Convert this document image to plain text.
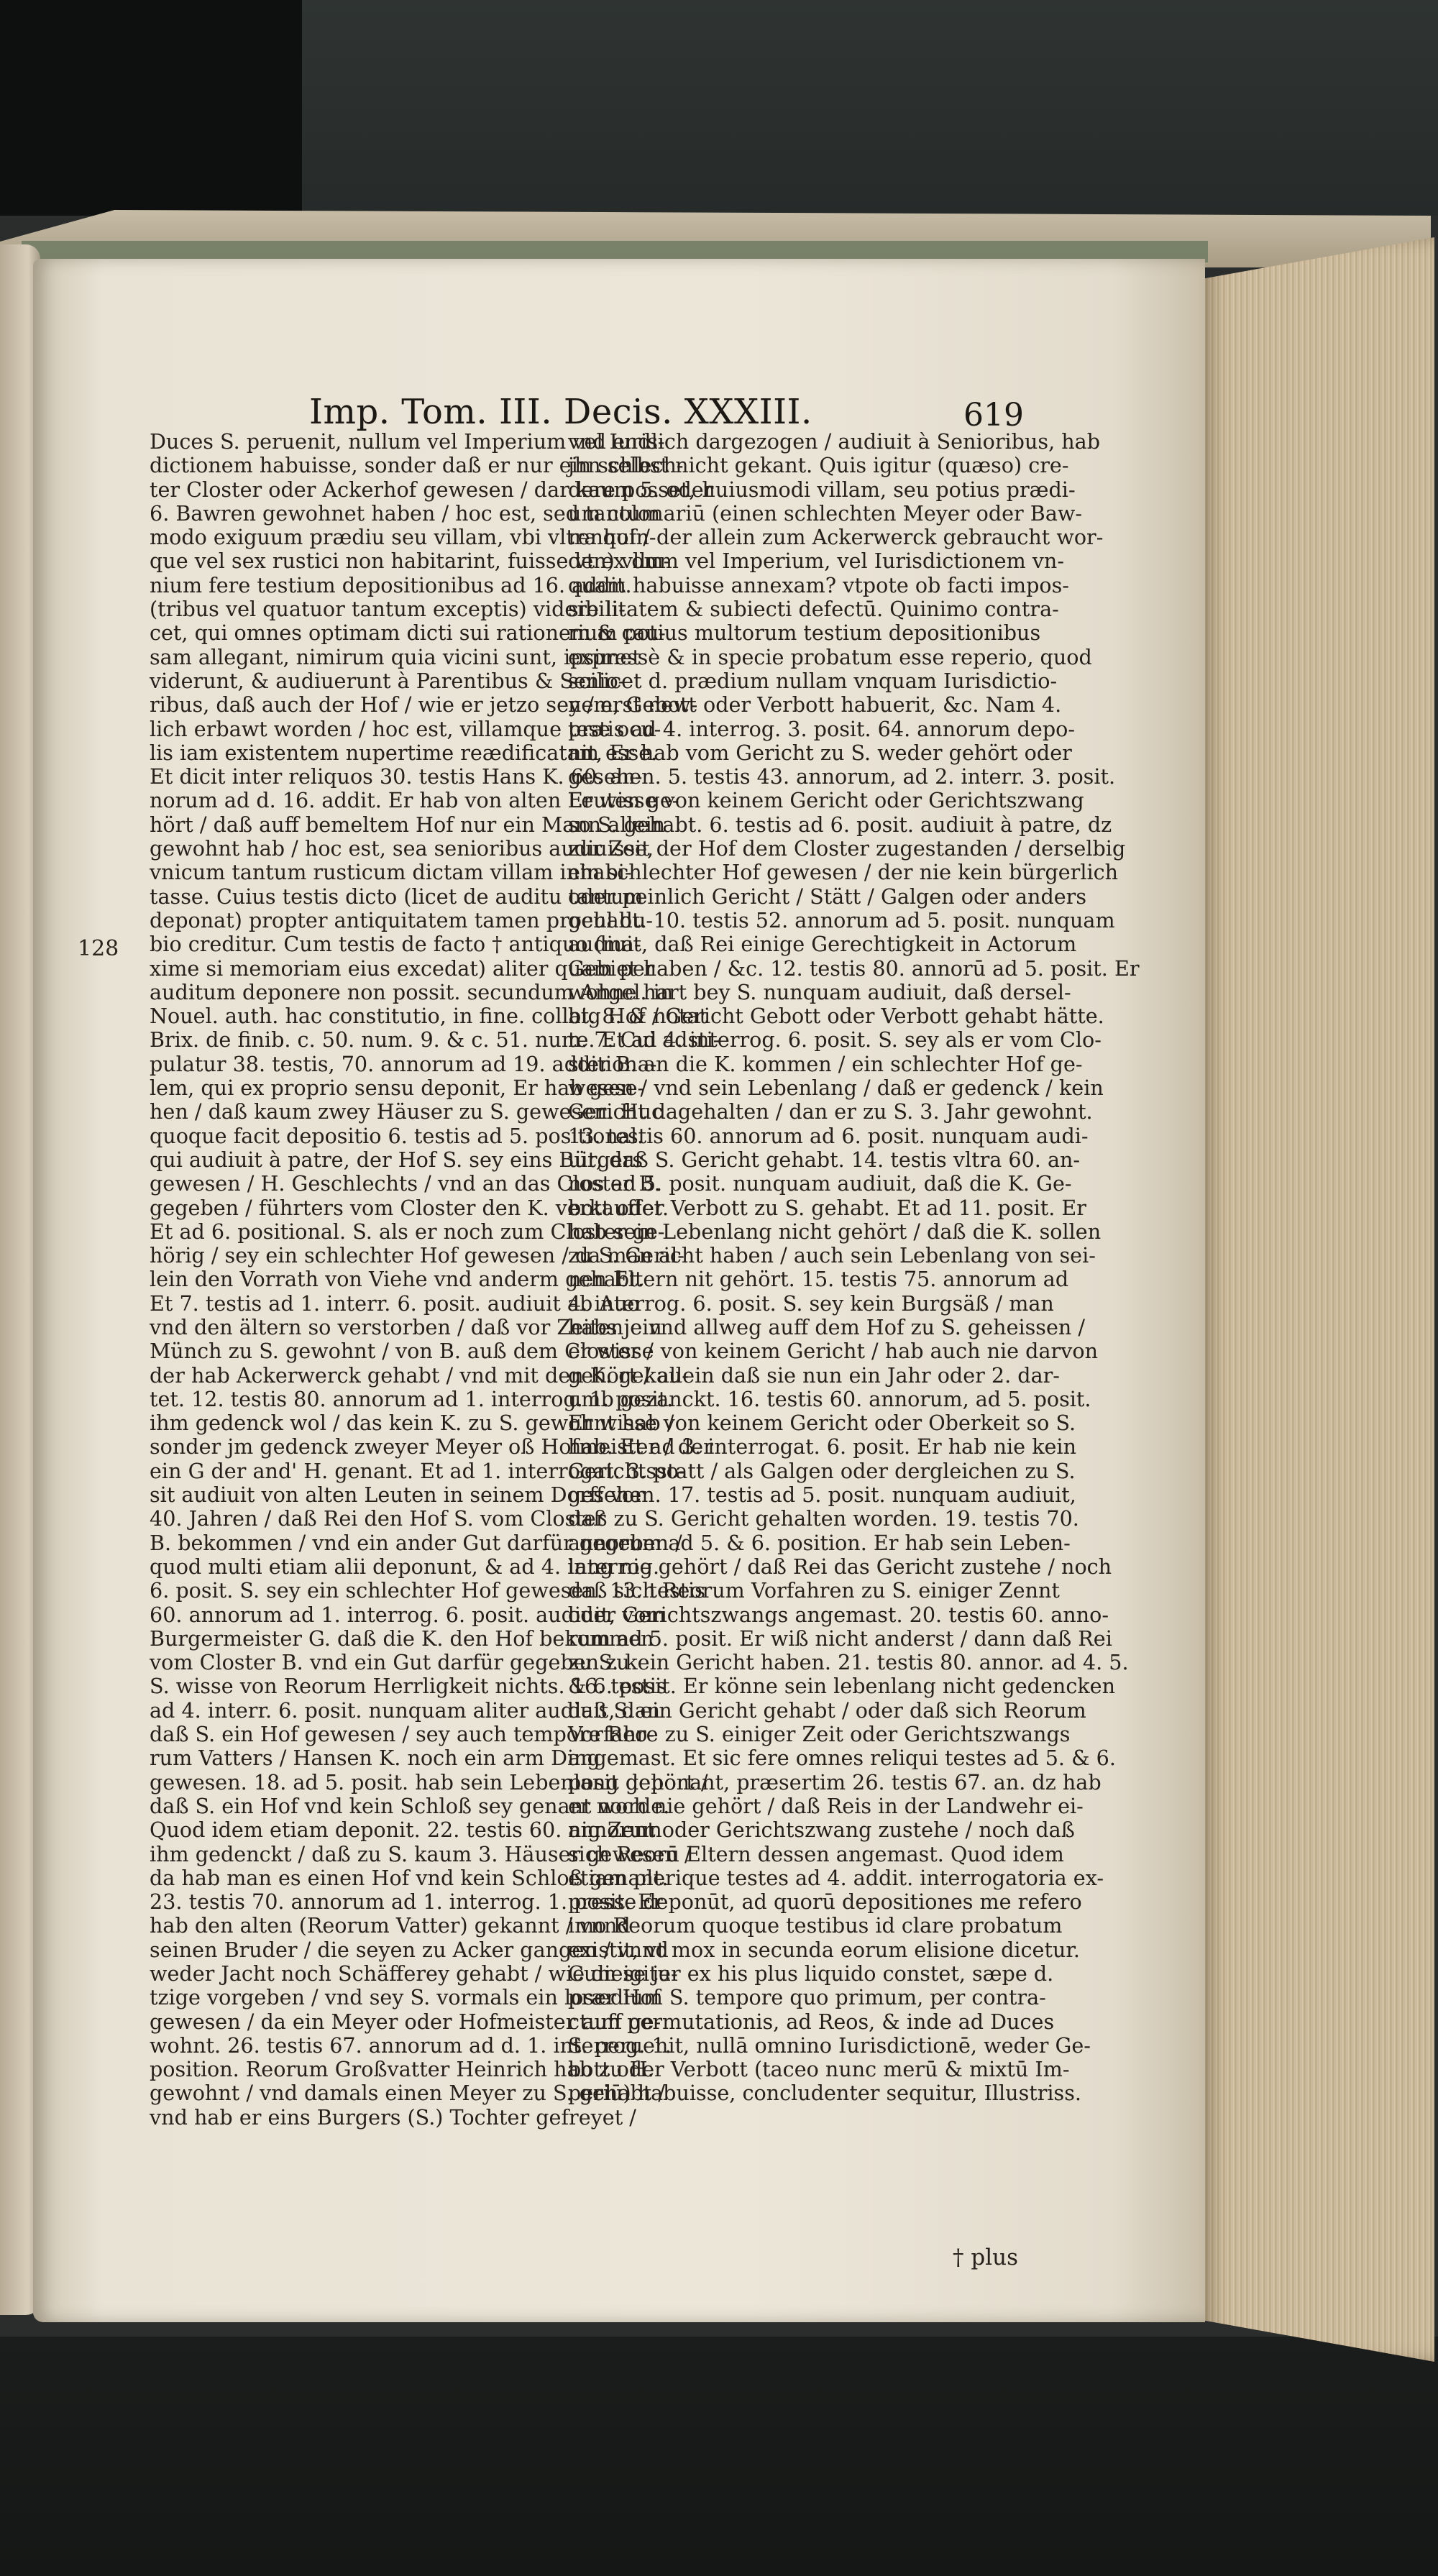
Imp. Tom. III. Decis. XXXIII.	619
128
Duces S. peruenit, nullum vel Imperium vel Iuris-
dictionem habuisse, sonder daß er nur ein schlech-
ter Closter oder Ackerhof gewesen / dar kaum 5. oder
6. Bawren gewohnet haben / hoc est, sed tantum
modo exiguum prædiu seu villam, vbi vltra quin-
que vel sex rustici non habitarint, fuisse vt ex om-
nium fere testium depositionibus ad 16. addit.
(tribus vel quatuor tantum exceptis) videre li-
cet, qui omnes optimam dicti sui rationem & cau-
sam allegant, nimirum quia vicini sunt, ipsimet
viderunt, & audiuerunt à Parentibus & Senio-
ribus, daß auch der Hof / wie er jetzo sey / erst new-
lich erbawt worden / hoc est, villamque præ ocu-
lis iam existentem nupertime reædificatam esse.
Et dicit inter reliquos 30. testis Hans K. 60. an-
norum ad d. 16. addit. Er hab von alten Leuten ge-
hört / daß auff bemeltem Hof nur ein Mann allein
gewohnt hab / hoc est, sea senioribus audiuisse,
vnicum tantum rusticum dictam villam inhabi-
tasse. Cuius testis dicto (licet de auditu tantum
deponat) propter antiquitatem tamen procul du-
bio creditur. Cum testis de facto † antiquo (ma-
xime si memoriam eius excedat) aliter quam per
auditum deponere non possit. secundum Angel. in
Nouel. auth. hac constitutio, in fine. collat. 8. & notat
Brix. de finib. c. 50. num. 9. & c. 51. num. 7. Cui adsti-
pulatur 38. testis, 70. annorum ad 19. additiona-
lem, qui ex proprio sensu deponit, Er hab gese-
hen / daß kaum zwey Häuser zu S. gewesen. Huc
quoque facit depositio 6. testis ad 5. positional.
qui audiuit à patre, der Hof S. sey eins Bürgers
gewesen / H. Geschlechts / vnd an das Closter B.
gegeben / führters vom Closter den K. verkauffet.
Et ad 6. positional. S. als er noch zum Closter ge-
hörig / sey ein schlechter Hof gewesen / da man al-
lein den Vorrath von Viehe vnd anderm gehabt.
Et 7. testis ad 1. interr. 6. posit. audiuit ab Auo
vnd den ältern so verstorben / daß vor Zeiten ein
Münch zu S. gewohnt / von B. auß dem Closter /
der hab Ackerwerck gehabt / vnd mit den K. gekau-
tet. 12. testis 80. annorum ad 1. interrog. 1. posit.
ihm gedenck wol / das kein K. zu S. gewohnt hab /
sonder jm gedenck zweyer Meyer oß Hofmeister / der
ein G der and' H. genant. Et ad 1. interrogat. 3. po-
sit audiuit von alten Leuten in seinem Dorff vor
40. Jahren / daß Rei den Hof S. vom Closter
B. bekommen / vnd ein ander Gut darfür gegeben /
quod multi etiam alii deponunt, & ad 4. interrog.
6. posit. S. sey ein schlechter Hof gewesen. 13. testis
60. annorum ad 1. interrog. 6. posit. audiuit, vom
Burgermeister G. daß die K. den Hof bekommen
vom Closter B. vnd ein Gut darfür gegeben zu
S. wisse von Reorum Herrligkeit nichts. 16. testis
ad 4. interr. 6. posit. nunquam aliter audiuit, dan
daß S. ein Hof gewesen / sey auch tempore Reo-
rum Vatters / Hansen K. noch ein arm Ding
gewesen. 18. ad 5. posit. hab sein Lebenlang gehört /
daß S. ein Hof vnd kein Schloß sey genant worde.
Quod idem etiam deponit. 22. testis 60. annorum
ihm gedenckt / daß zu S. kaum 3. Häuser gewesen /
da hab man es einen Hof vnd kein Schloß genant.
23. testis 70. annorum ad 1. interrog. 1. posit. Er
hab den alten (Reorum Vatter) gekannt / vnnd
seinen Bruder / die seyen zu Acker gangen / vnnd
weder Jacht noch Schäfferey gehabt / wie diese je-
tzige vorgeben / vnd sey S. vormals ein loser Hof
gewesen / da ein Meyer oder Hofmeister auff ge-
wohnt. 26. testis 67. annorum ad d. 1. interrog. 1.
position. Reorum Großvatter Heinrich hab zu H.
gewohnt / vnd damals einen Meyer zu S. gehabt /
vnd hab er eins Burgers (S.) Tochter gefreyet /
vnd endlich dargezogen / audiuit à Senioribus, hab
jhn selbst nicht gekant. Quis igitur (quæso) cre-
dere posset, huiusmodi villam, seu potius prædi-
um colonariū (einen schlechten Meyer oder Baw-
renhof / der allein zum Ackerwerck gebraucht wor-
den) vllum vel Imperium, vel Iurisdictionem vn-
quam habuisse annexam? vtpote ob facti impos-
sibilitatem & subiecti defectū. Quinimo contra-
rium potius multorum testium depositionibus
expressè & in specie probatum esse reperio, quod
scilicet d. prædium nullam vnquam Iurisdictio-
nem, Gebott oder Verbott habuerit, &c. Nam 4.
testis ad 4. interrog. 3. posit. 64. annorum depo-
nit, Er hab vom Gericht zu S. weder gehört oder
gesehen. 5. testis 43. annorum, ad 2. interr. 3. posit.
Er wisse von keinem Gericht oder Gerichtszwang
so S. gehabt. 6. testis ad 6. posit. audiuit à patre, dz
zur Zeit der Hof dem Closter zugestanden / derselbig
ein schlechter Hof gewesen / der nie kein bürgerlich
oder peinlich Gericht / Stätt / Galgen oder anders
gehabt. 10. testis 52. annorum ad 5. posit. nunquam
audiuit, daß Rei einige Gerechtigkeit in Actorum
Gebiet haben / &c. 12. testis 80. annorū ad 5. posit. Er
wohne hart bey S. nunquam audiuit, daß dersel-
big Hof / Gericht Gebott oder Verbott gehabt hätte.
te. Et ad 4. interrog. 6. posit. S. sey als er vom Clo-
ster B. an die K. kommen / ein schlechter Hof ge-
wesen / vnd sein Lebenlang / daß er gedenck / kein
Gericht dagehalten / dan er zu S. 3. Jahr gewohnt.
13. testis 60. annorum ad 6. posit. nunquam audi-
uit, daß S. Gericht gehabt. 14. testis vltra 60. an-
nos ad 5. posit. nunquam audiuit, daß die K. Ge-
bott oder Verbott zu S. gehabt. Et ad 11. posit. Er
hab sein Lebenlang nicht gehört / daß die K. sollen
zu S. Gericht haben / auch sein Lebenlang von sei-
nen Eltern nit gehört. 15. testis 75. annorum ad
4. interrog. 6. posit. S. sey kein Burgsäß / man
habs je vnd allweg auff dem Hof zu S. geheissen /
er wisse von keinem Gericht / hab auch nie darvon
gehört / allein daß sie nun ein Jahr oder 2. dar-
umb gezanckt. 16. testis 60. annorum, ad 5. posit.
Er wisse von keinem Gericht oder Oberkeit so S.
hab. Et ad 3. interrogat. 6. posit. Er hab nie kein
Gerichtsstatt / als Galgen oder dergleichen zu S.
gesehen. 17. testis ad 5. posit. nunquam audiuit,
daß zu S. Gericht gehalten worden. 19. testis 70.
annorum ad 5. & 6. position. Er hab sein Leben-
lang nie gehört / daß Rei das Gericht zustehe / noch
daß sich Reorum Vorfahren zu S. einiger Zennt
oder Gerichtszwangs angemast. 20. testis 60. anno-
rum ad 5. posit. Er wiß nicht anderst / dann daß Rei
zu S. kein Gericht haben. 21. testis 80. annor. ad 4. 5.
& 6. posit. Er könne sein lebenlang nicht gedencken
daß S. ein Gericht gehabt / oder daß sich Reorum
Vorfahre zu S. einiger Zeit oder Gerichtszwangs
angemast. Et sic fere omnes reliqui testes ad 5. & 6.
posit deponant, præsertim 26. testis 67. an. dz hab
er noch nie gehört / daß Reis in der Landwehr ei-
nig Zent oder Gerichtszwang zustehe / noch daß
sich Reorū Eltern dessen angemast. Quod idem
etiam plerique testes ad 4. addit. interrogatoria ex-
presse deponūt, ad quorū depositiones me refero
imo Reorum quoque testibus id clare probatum
existit, vt mox in secunda eorum elisione dicetur.
Cum igitur ex his plus liquido constet, sæpe d.
prædium S. tempore quo primum, per contra-
ctum permutationis, ad Reos, & inde ad Duces
S. peruenit, nullā omnino Iurisdictionē, weder Ge-
bott oder Verbott (taceo nunc merū & mixtū Im-
periū) habuisse, concludenter sequitur, Illustriss.
† plus
